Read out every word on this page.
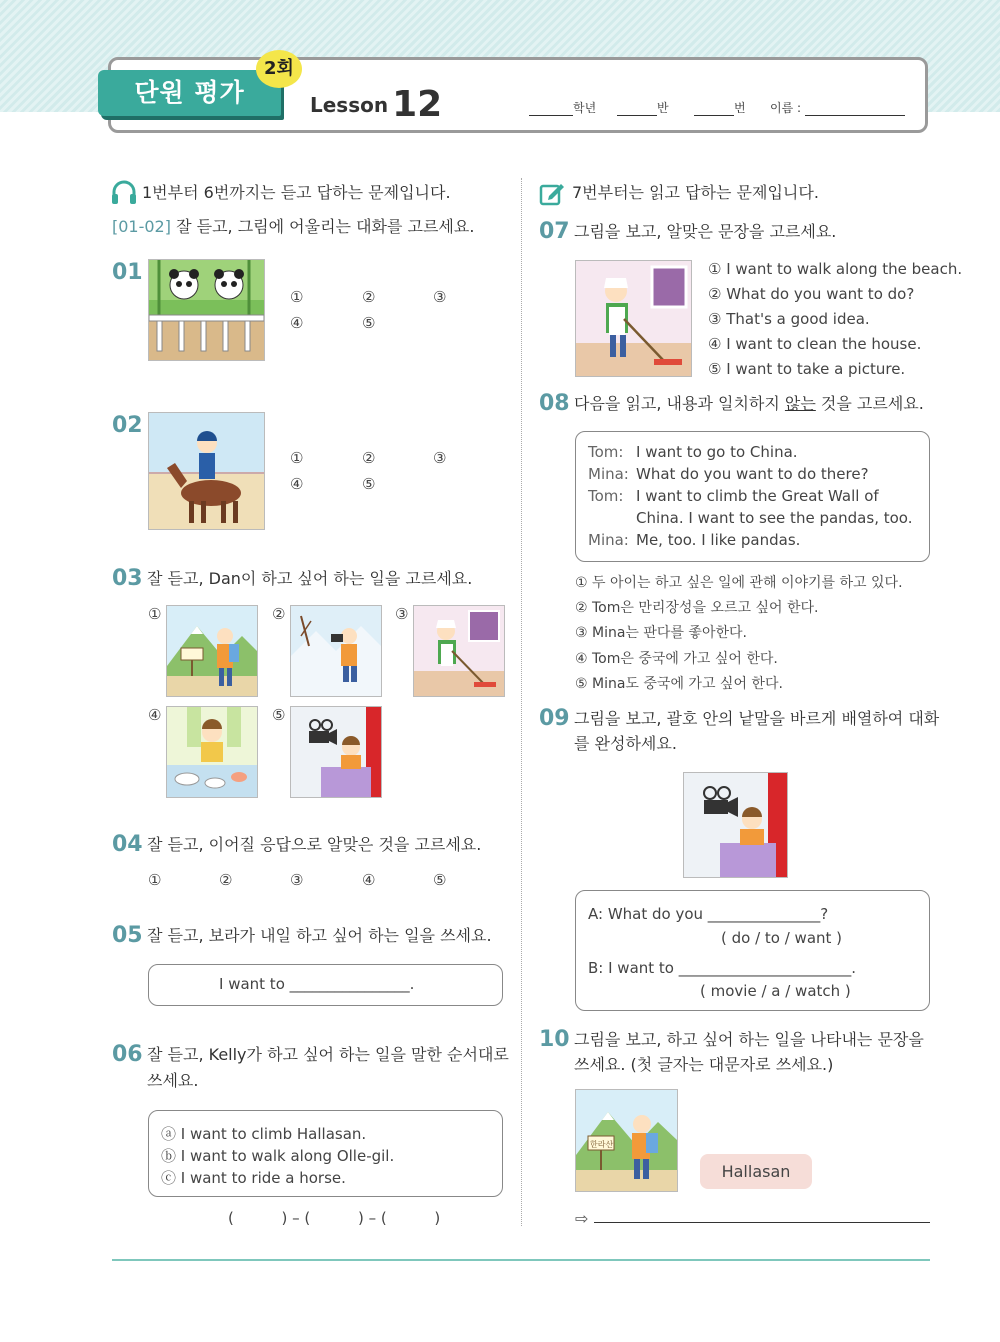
단원 평가
2회
Lesson 12	학년	반	번 이름 :
1번부터 6번까지는 듣고 답하는 문제입니다.
[01-02] 잘 듣고, 그림에 어울리는 대화를 고르세요.
01
①	②	③
④	⑤
02
①	②	③
④	⑤
03 잘 듣고, Dan이 하고 싶어 하는 일을 고르세요.
①	②	③
④	⑤
04 잘 듣고, 이어질 응답으로 알맞은 것을 고르세요.
①	②	③	④	⑤
05 잘 듣고, 보라가 내일 하고 싶어 하는 일을 쓰세요.
I want to ________________.
06 잘 듣고, Kelly가 하고 싶어 하는 일을 말한 순서대로
쓰세요.
ⓐ I want to climb Hallasan.
ⓑ I want to walk along Olle-gil.
ⓒ I want to ride a horse.
(          ) – (          ) – (          )
7번부터는 읽고 답하는 문제입니다.
07 그림을 보고, 알맞은 문장을 고르세요.
① I want to walk along the beach.
② What do you want to do?
③ That's a good idea.
④ I want to clean the house.
⑤ I want to take a picture.
08 다음을 읽고, 내용과 일치하지 않는 것을 고르세요.
Tom: I want to go to China.
Mina: What do you want to do there?
Tom: I want to climb the Great Wall of
China. I want to see the pandas, too.
Mina: Me, too. I like pandas.
① 두 아이는 하고 싶은 일에 관해 이야기를 하고 있다.
② Tom은 만리장성을 오르고 싶어 한다.
③ Mina는 판다를 좋아한다.
④ Tom은 중국에 가고 싶어 한다.
⑤ Mina도 중국에 가고 싶어 한다.
09 그림을 보고, 괄호 안의 낱말을 바르게 배열하여 대화
를 완성하세요.
A: What do you _______________?
( do / to / want )
B: I want to _______________________.
( movie / a / watch )
10 그림을 보고, 하고 싶어 하는 일을 나타내는 문장을
쓰세요. (첫 글자는 대문자로 쓰세요.)
한라산
Hallasan
⇨
